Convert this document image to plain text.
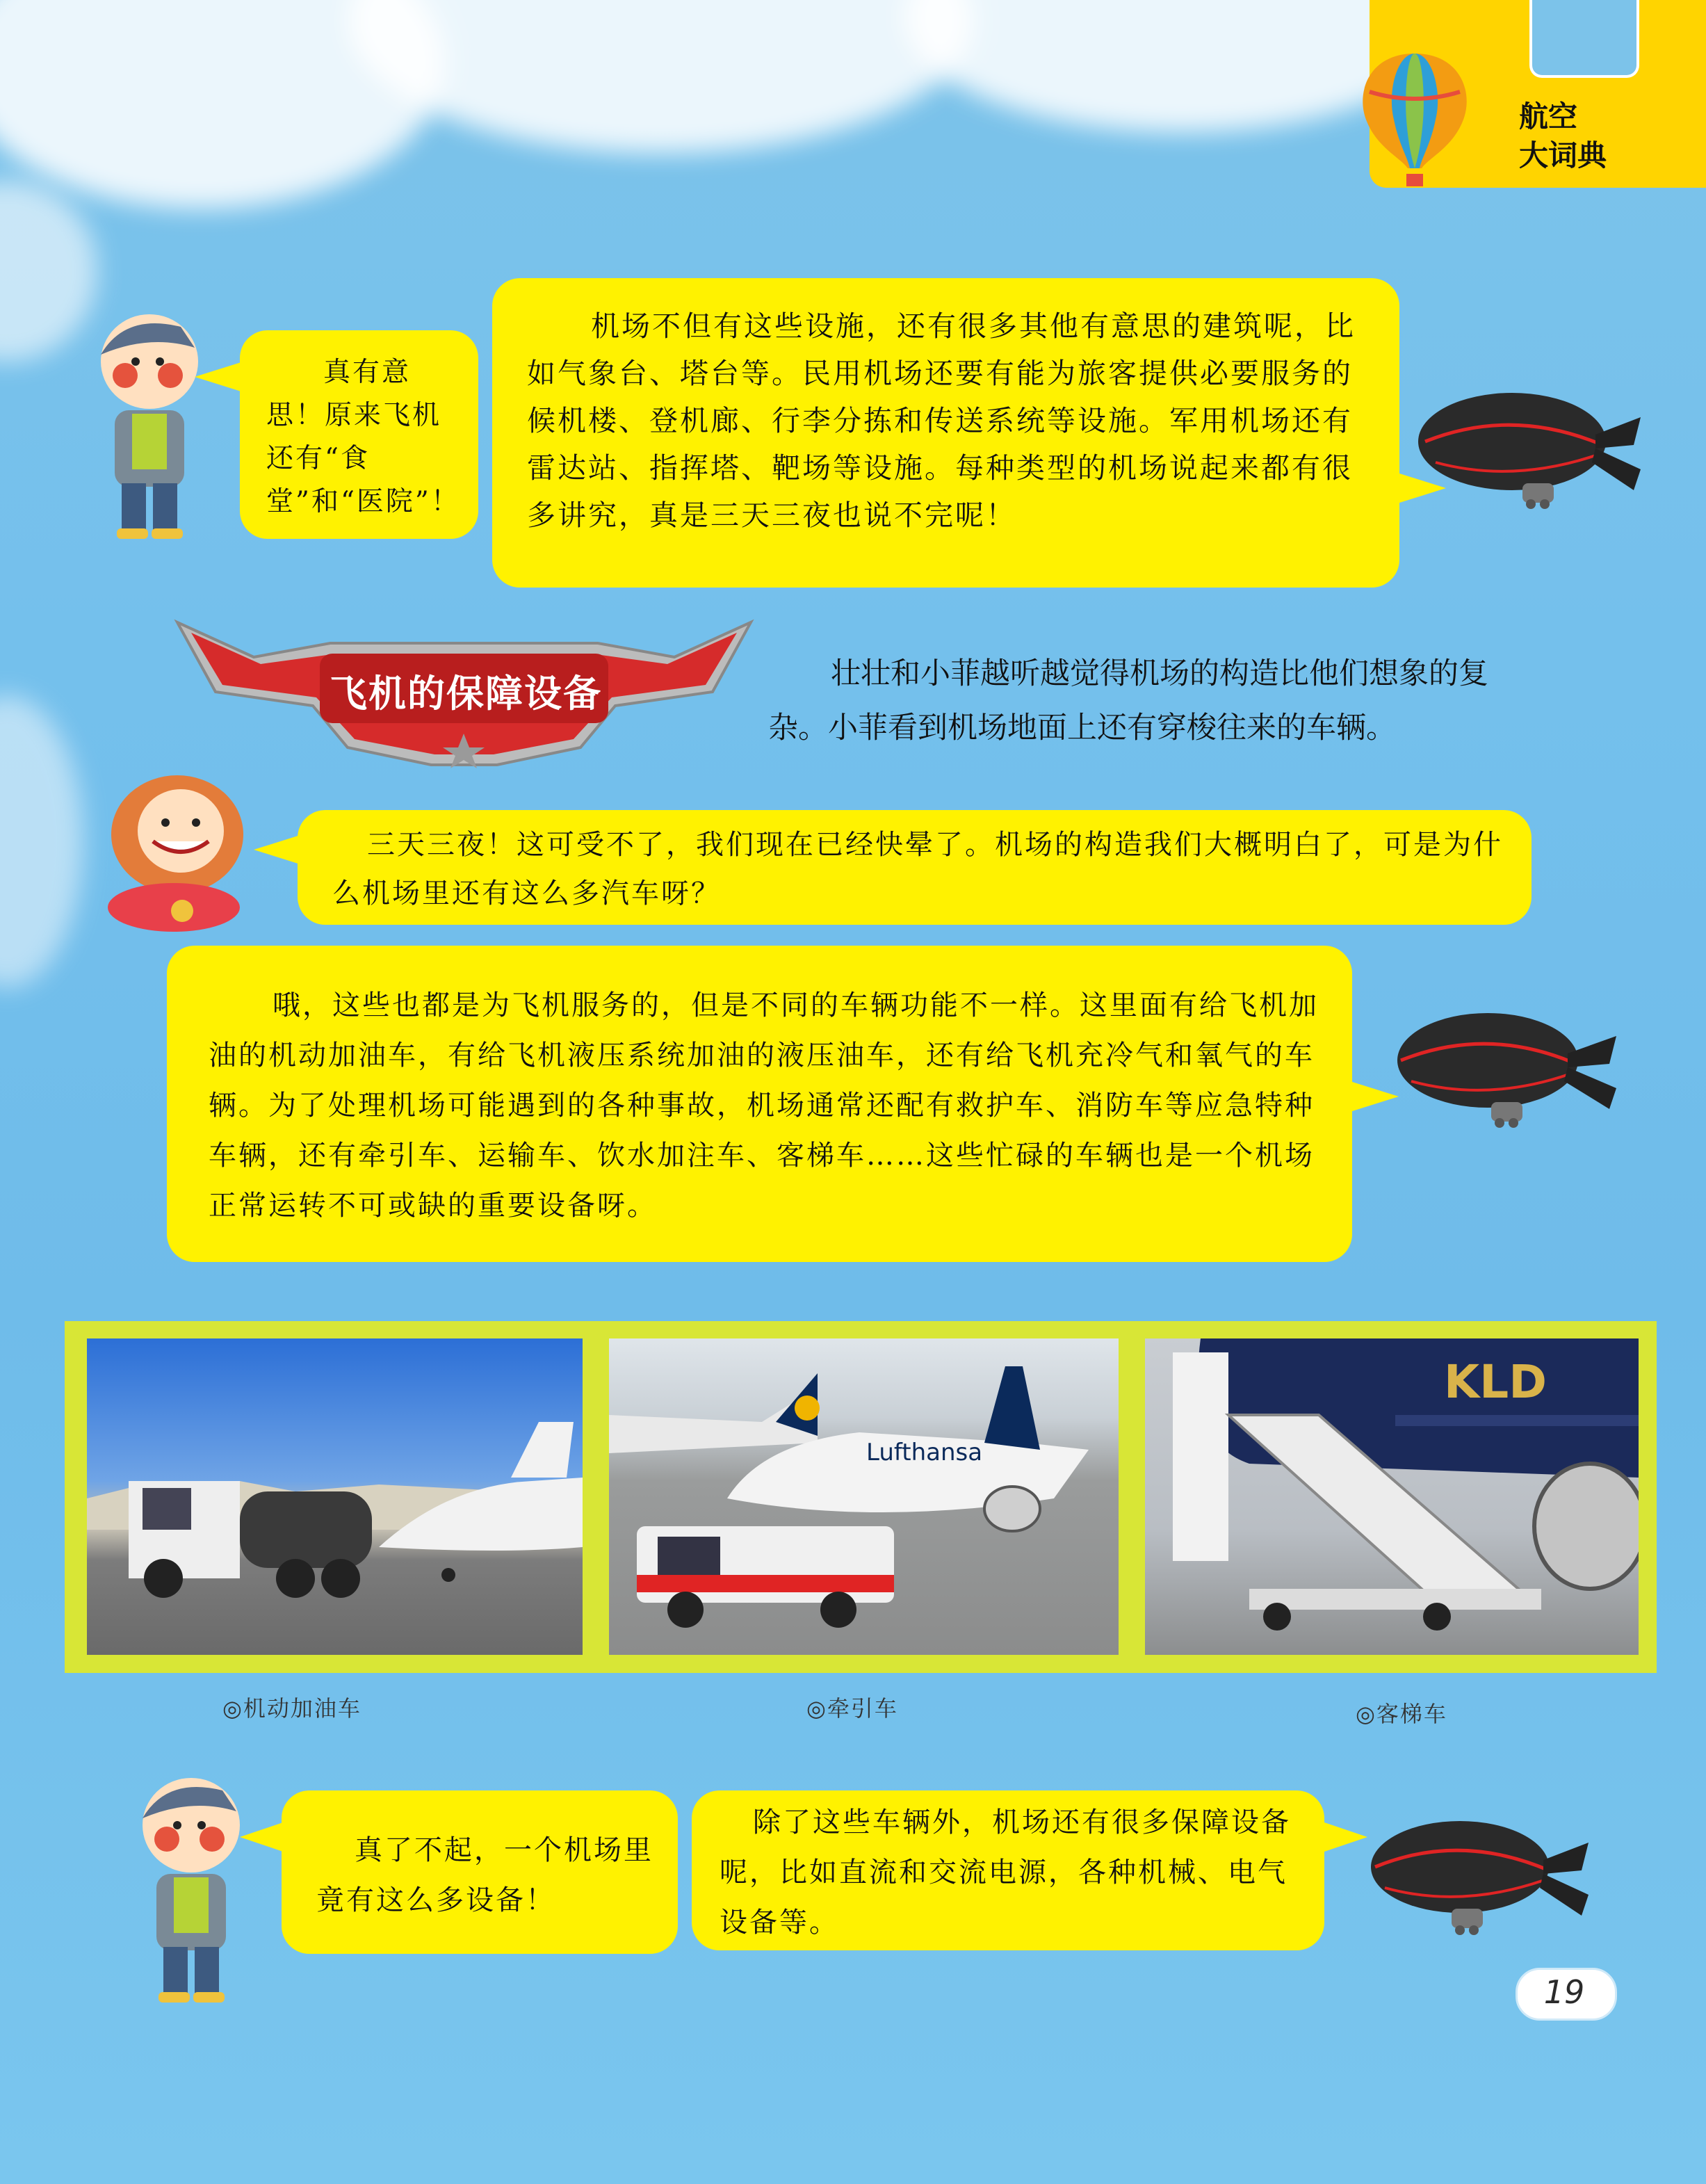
航空
大词典
真有意思！原来飞机还有“食堂”和“医院”！
机场不但有这些设施，还有很多其他有意思的建筑呢，比如气象台、塔台等。民用机场还要有能为旅客提供必要服务的候机楼、登机廊、行李分拣和传送系统等设施。军用机场还有雷达站、指挥塔、靶场等设施。每种类型的机场说起来都有很多讲究，真是三天三夜也说不完呢！
飞机的保障设备	壮壮和小菲越听越觉得机场的构造比他们想象的复杂。小菲看到机场地面上还有穿梭往来的车辆。
三天三夜！这可受不了，我们现在已经快晕了。机场的构造我们大概明白了，可是为什么机场里还有这么多汽车呀？
哦，这些也都是为飞机服务的，但是不同的车辆功能不一样。这里面有给飞机加油的机动加油车，有给飞机液压系统加油的液压油车，还有给飞机充冷气和氧气的车辆。为了处理机场可能遇到的各种事故，机场通常还配有救护车、消防车等应急特种车辆，还有牵引车、运输车、饮水加注车、客梯车……这些忙碌的车辆也是一个机场正常运转不可或缺的重要设备呀。
Lufthansa
KLD
◎机动加油车	◎牵引车	◎客梯车
真了不起，一个机场里竟有这么多设备！
除了这些车辆外，机场还有很多保障设备呢，比如直流和交流电源，各种机械、电气设备等。
19
